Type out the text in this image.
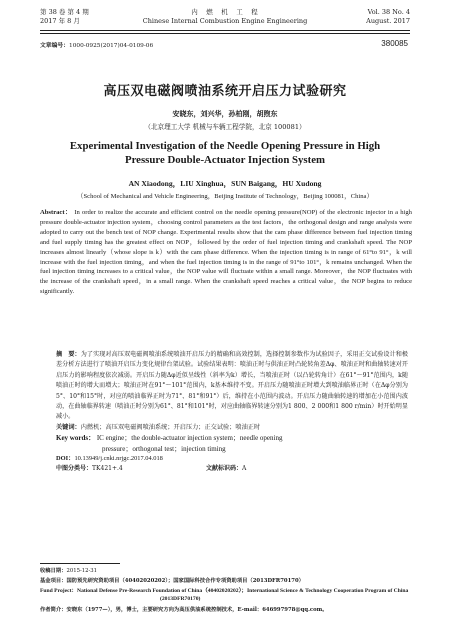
第 38 卷 第 4 期
2017 年 8 月
内　燃　机　工　程
Chinese Internal Combustion Engine Engineering
Vol. 38 No. 4
August. 2017
文章编号：1000-0925(2017)04-0109-06	380085
高压双电磁阀喷油系统开启压力试验研究
安晓东，刘兴华，孙柏刚，胡煦东
（北京理工大学 机械与车辆工程学院，北京 100081）
Experimental Investigation of the Needle Opening Pressure in High Pressure Double-Actuator Injection System
AN Xiaodong，LIU Xinghua，SUN Baigang，HU Xudong
（School of Mechanical and Vehicle Engineering，Beijing Institute of Technology，Beijing 100081，China）
Abstract： In order to realize the accurate and efficient control on the needle opening pressure(NOP) of the electronic injector in a high pressure double-actuator injection system，choosing control parameters as the test factors，the orthogonal design and range analysis were adopted to carry out the bench test of NOP change. Experimental results show that the cam phase difference between fuel injection timing and fuel supply timing has the greatest effect on NOP，followed by the order of fuel injection timing and crankshaft speed. The NOP increases almost linearly（whose slope is k）with the cam phase difference. When the injection timing is in range of 61°to 91°，k will increase with the fuel injection timing，and when the fuel injection timing is in the range of 91°to 101°，k remains unchanged. When the fuel injection timing increases to a critical value，the NOP value will fluctuate within a small range. Moreover，the NOP fluctuates with the increase of the crankshaft speed，in a small range. When the crankshaft speed reaches a critical value，the NOP begins to reduce significantly.
摘　要：为了实现对高压双电磁阀喷油系统喷油开启压力的精确和高效控制，选择控制参数作为试验因子，采用正交试验设计和极差分析方法进行了喷油开启压力变化规律台架试验。试验结果表明：喷油正时与供油正时凸轮转角差Δφ、喷油正时和曲轴转速对开启压力的影响程度依次减弱。开启压力随Δφ近似呈线性（斜率为k）增长，当喷油正时（以凸轮转角计）在61°～91°范围内，k随喷油正时的增大而增大；喷油正时在91°～101°范围内，k基本维持不变。开启压力随喷油正时增大到喷油临界正时（在Δφ分别为5°、10°和15°时，对应的喷油临界正时为71°、81°和91°）后，维持在小范围内波动。开启压力随曲轴转速的增加在小范围内波动，在曲轴临界转速（喷油正时分别为61°、81°和101°时，对应曲轴临界转速分别为1 800、2 000和1 800 r/min）时开始明显减小。
关键词：内燃机；高压双电磁阀喷油系统；开启压力；正交试验；喷油正时
Key words： IC engine；the double-actuator injection system；needle opening
pressure；orthogonal test；injection timing
DOI：10.13949/j.cnki.nrjgc.2017.04.018
中图分类号：TK421+.4	文献标识码：A
收稿日期：2015-12-31
基金项目：国防预先研究资助项目（40402020202）；国家国际科技合作专项资助项目（2013DFR70170）
Fund Project：National Defense Pre-Research Foundation of China（40402020202）；International Science & Technology Cooperation Program of China
(2013DFR70170)
作者简介：安晓东（1977—），男，博士，主要研究方向为高压供油系统控制技术，E-mail：646997978@qq.com。
